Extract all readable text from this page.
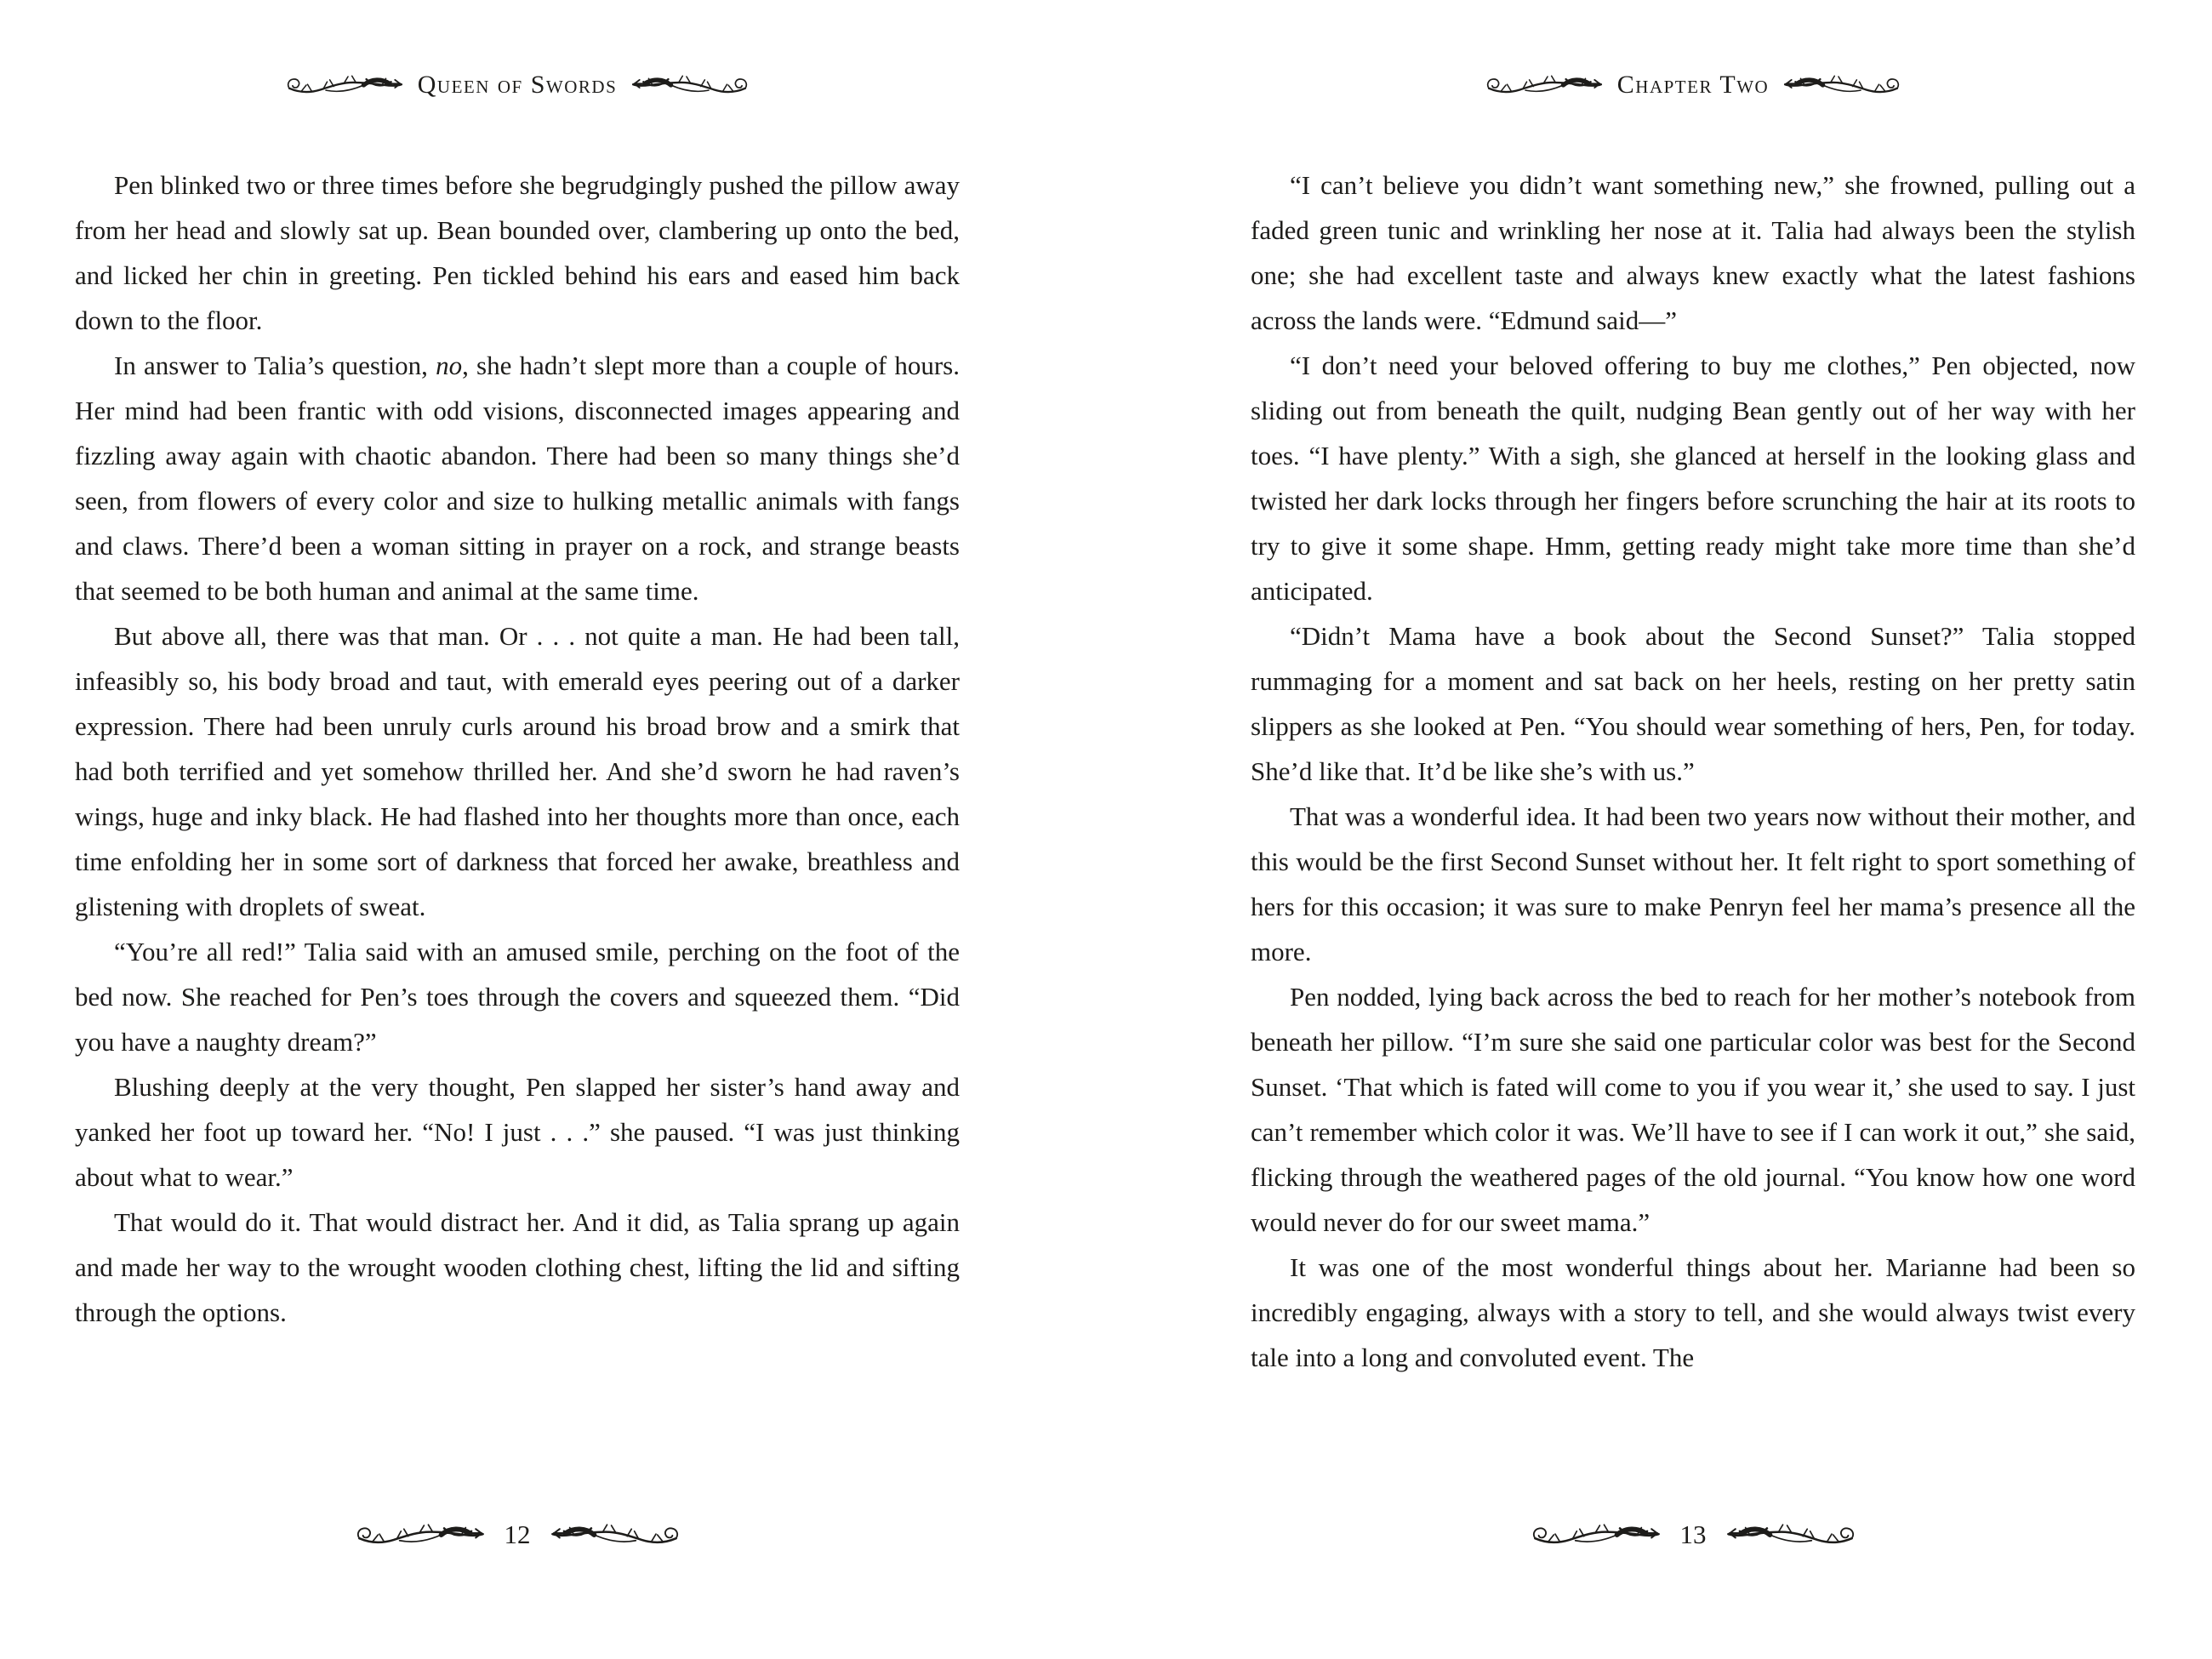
Queen of Swords

Pen blinked two or three times before she begrudgingly pushed the pillow away from her head and slowly sat up. Bean bounded over, clambering up onto the bed, and licked her chin in greeting. Pen tickled behind his ears and eased him back down to the floor.

In answer to Talia’s question, no, she hadn’t slept more than a couple of hours. Her mind had been frantic with odd visions, disconnected images appearing and fizzling away again with chaotic abandon. There had been so many things she’d seen, from flowers of every color and size to hulking metallic animals with fangs and claws. There’d been a woman sitting in prayer on a rock, and strange beasts that seemed to be both human and animal at the same time.

But above all, there was that man. Or . . . not quite a man. He had been tall, infeasibly so, his body broad and taut, with emerald eyes peering out of a darker expression. There had been unruly curls around his broad brow and a smirk that had both terrified and yet somehow thrilled her. And she’d sworn he had raven’s wings, huge and inky black. He had flashed into her thoughts more than once, each time enfolding her in some sort of darkness that forced her awake, breathless and glistening with droplets of sweat.

“You’re all red!” Talia said with an amused smile, perching on the foot of the bed now. She reached for Pen’s toes through the covers and squeezed them. “Did you have a naughty dream?”

Blushing deeply at the very thought, Pen slapped her sister’s hand away and yanked her foot up toward her. “No! I just . . .” she paused. “I was just thinking about what to wear.”

That would do it. That would distract her. And it did, as Talia sprang up again and made her way to the wrought wooden clothing chest, lifting the lid and sifting through the options.

12
Chapter Two

“I can’t believe you didn’t want something new,” she frowned, pulling out a faded green tunic and wrinkling her nose at it. Talia had always been the stylish one; she had excellent taste and always knew exactly what the latest fashions across the lands were. “Edmund said—”

“I don’t need your beloved offering to buy me clothes,” Pen objected, now sliding out from beneath the quilt, nudging Bean gently out of her way with her toes. “I have plenty.” With a sigh, she glanced at herself in the looking glass and twisted her dark locks through her fingers before scrunching the hair at its roots to try to give it some shape. Hmm, getting ready might take more time than she’d anticipated.

“Didn’t Mama have a book about the Second Sunset?” Talia stopped rummaging for a moment and sat back on her heels, resting on her pretty satin slippers as she looked at Pen. “You should wear something of hers, Pen, for today. She’d like that. It’d be like she’s with us.”

That was a wonderful idea. It had been two years now without their mother, and this would be the first Second Sunset without her. It felt right to sport something of hers for this occasion; it was sure to make Penryn feel her mama’s presence all the more.

Pen nodded, lying back across the bed to reach for her mother’s notebook from beneath her pillow. “I’m sure she said one particular color was best for the Second Sunset. ‘That which is fated will come to you if you wear it,’ she used to say. I just can’t remember which color it was. We’ll have to see if I can work it out,” she said, flicking through the weathered pages of the old journal. “You know how one word would never do for our sweet mama.”

It was one of the most wonderful things about her. Marianne had been so incredibly engaging, always with a story to tell, and she would always twist every tale into a long and convoluted event. The

13
